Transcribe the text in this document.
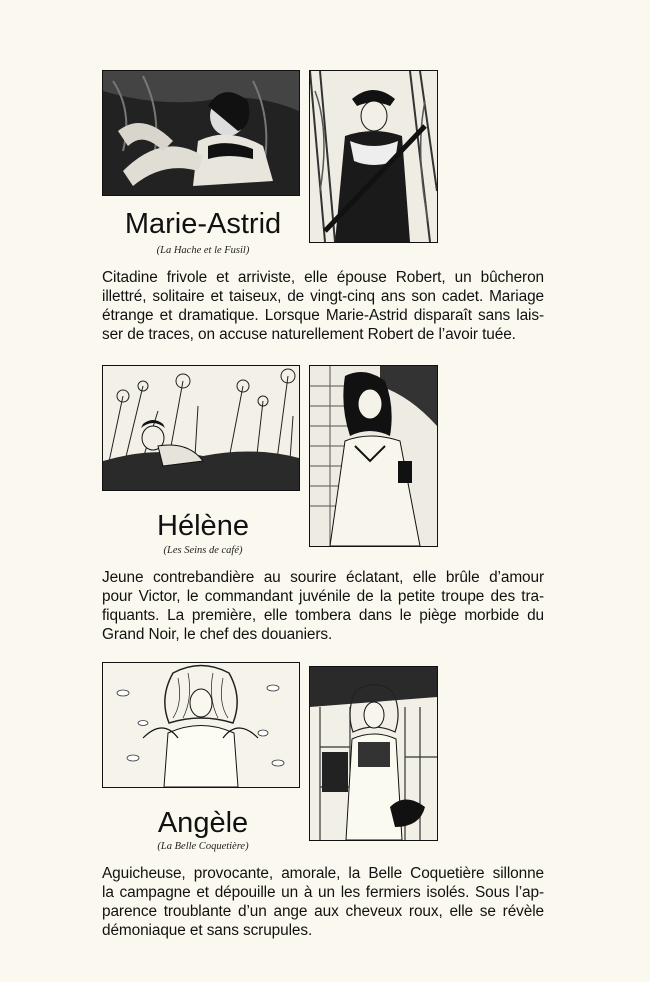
Marie-Astrid
(La Hache et le Fusil)
Citadine frivole et arriviste, elle épouse Robert, un bûcheron
illettré, solitaire et taiseux, de vingt-cinq ans son cadet. Mariage
étrange et dramatique. Lorsque Marie-Astrid disparaît sans lais-
ser de traces, on accuse naturellement Robert de l’avoir tuée.
Hélène
(Les Seins de café)
Jeune contrebandière au sourire éclatant, elle brûle d’amour
pour Victor, le commandant juvénile de la petite troupe des tra-
fiquants. La première, elle tombera dans le piège morbide du
Grand Noir, le chef des douaniers.
Angèle
(La Belle Coquetière)
Aguicheuse, provocante, amorale, la Belle Coquetière sillonne
la campagne et dépouille un à un les fermiers isolés. Sous l’ap-
parence troublante d’un ange aux cheveux roux, elle se révèle
démoniaque et sans scrupules.
